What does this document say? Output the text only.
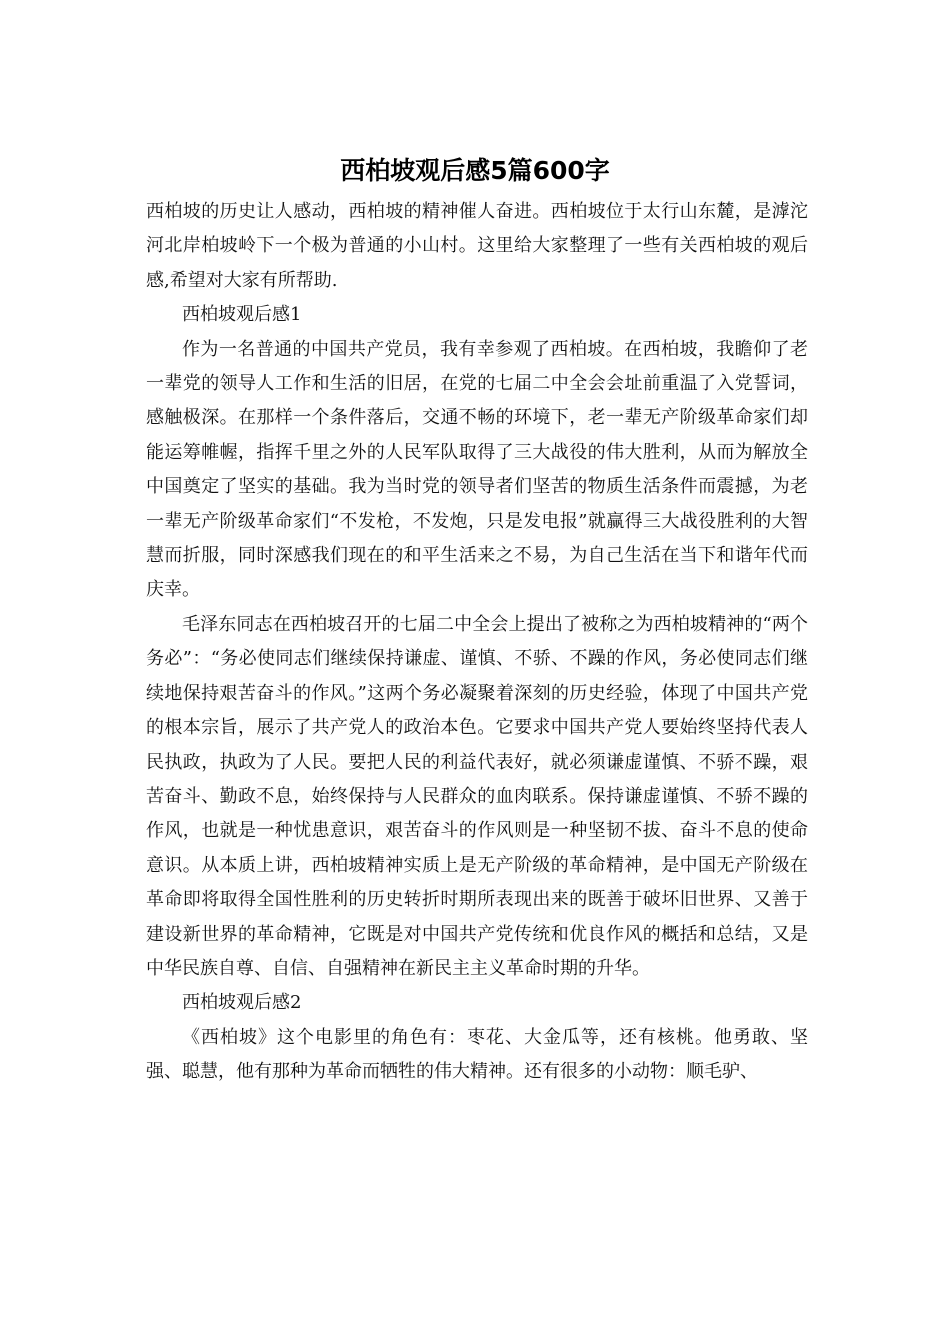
西柏坡观后感5篇600字

西柏坡的历史让人感动，西柏坡的精神催人奋进。西柏坡位于太行山东麓，是滹沱河北岸柏坡岭下一个极为普通的小山村。这里给大家整理了一些有关西柏坡的观后感,希望对大家有所帮助.

西柏坡观后感1

作为一名普通的中国共产党员，我有幸参观了西柏坡。在西柏坡，我瞻仰了老一辈党的领导人工作和生活的旧居，在党的七届二中全会会址前重温了入党誓词，感触极深。在那样一个条件落后，交通不畅的环境下，老一辈无产阶级革命家们却能运筹帷幄，指挥千里之外的人民军队取得了三大战役的伟大胜利，从而为解放全中国奠定了坚实的基础。我为当时党的领导者们坚苦的物质生活条件而震撼，为老一辈无产阶级革命家们“不发枪，不发炮，只是发电报”就赢得三大战役胜利的大智慧而折服，同时深感我们现在的和平生活来之不易，为自己生活在当下和谐年代而庆幸。

毛泽东同志在西柏坡召开的七届二中全会上提出了被称之为西柏坡精神的“两个务必”：“务必使同志们继续保持谦虚、谨慎、不骄、不躁的作风，务必使同志们继续地保持艰苦奋斗的作风。”这两个务必凝聚着深刻的历史经验，体现了中国共产党的根本宗旨，展示了共产党人的政治本色。它要求中国共产党人要始终坚持代表人民执政，执政为了人民。要把人民的利益代表好，就必须谦虚谨慎、不骄不躁，艰苦奋斗、勤政不息，始终保持与人民群众的血肉联系。保持谦虚谨慎、不骄不躁的作风，也就是一种忧患意识，艰苦奋斗的作风则是一种坚韧不拔、奋斗不息的使命意识。从本质上讲，西柏坡精神实质上是无产阶级的革命精神，是中国无产阶级在革命即将取得全国性胜利的历史转折时期所表现出来的既善于破坏旧世界、又善于建设新世界的革命精神，它既是对中国共产党传统和优良作风的概括和总结，又是中华民族自尊、自信、自强精神在新民主主义革命时期的升华。

西柏坡观后感2

《西柏坡》这个电影里的角色有：枣花、大金瓜等，还有核桃。他勇敢、坚强、聪慧，他有那种为革命而牺牲的伟大精神。还有很多的小动物：顺毛驴、
